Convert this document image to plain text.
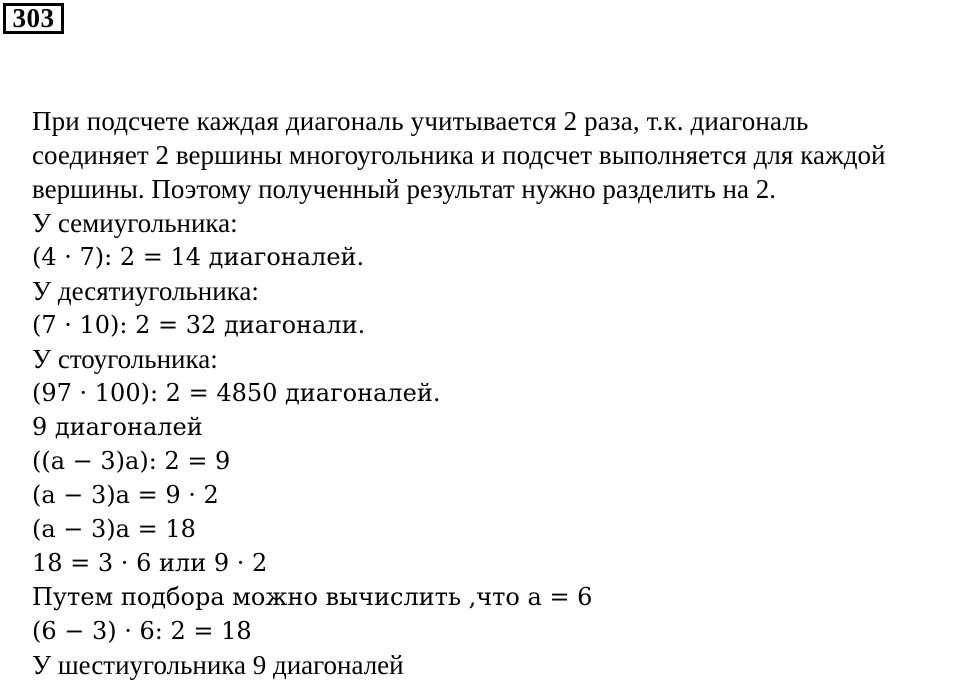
303
При подсчете каждая диагональ учитывается 2 раза, т.к. диагональ
соединяет 2 вершины многоугольника и подсчет выполняется для каждой
вершины. Поэтому полученный результат нужно разделить на 2.
У семиугольника:
(4 · 7): 2 = 14 диагоналей.
У десятиугольника:
(7 · 10): 2 = 32 диагонали.
У стоугольника:
(97 · 100): 2 = 4850 диагоналей.
9 диагоналей
((a − 3)a): 2 = 9
(a − 3)a = 9 · 2
(a − 3)a = 18
18 = 3 · 6 или 9 · 2
Путем подбора можно вычислить ,что a = 6
(6 − 3) · 6: 2 = 18
У шестиугольника 9 диагоналей
